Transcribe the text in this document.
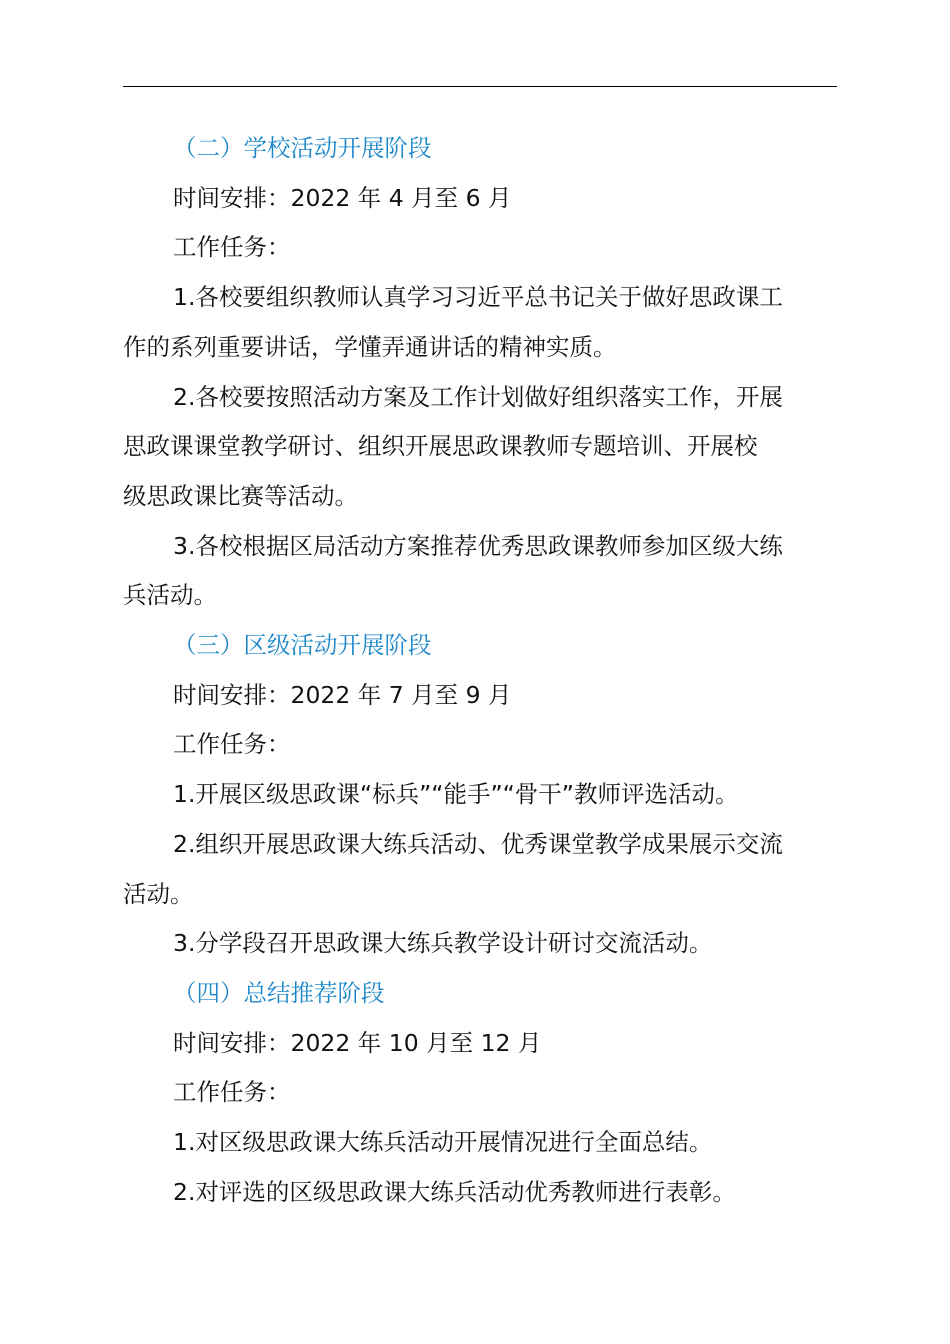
（二）学校活动开展阶段

时间安排：2022 年 4 月至 6 月

工作任务：

1.各校要组织教师认真学习习近平总书记关于做好思政课工

作的系列重要讲话，学懂弄通讲话的精神实质。

2.各校要按照活动方案及工作计划做好组织落实工作，开展

思政课课堂教学研讨、组织开展思政课教师专题培训、开展校

级思政课比赛等活动。

3.各校根据区局活动方案推荐优秀思政课教师参加区级大练

兵活动。

（三）区级活动开展阶段

时间安排：2022 年 7 月至 9 月

工作任务：

1.开展区级思政课“标兵”“能手”“骨干”教师评选活动。

2.组织开展思政课大练兵活动、优秀课堂教学成果展示交流

活动。

3.分学段召开思政课大练兵教学设计研讨交流活动。

（四）总结推荐阶段

时间安排：2022 年 10 月至 12 月

工作任务：

1.对区级思政课大练兵活动开展情况进行全面总结。

2.对评选的区级思政课大练兵活动优秀教师进行表彰。
